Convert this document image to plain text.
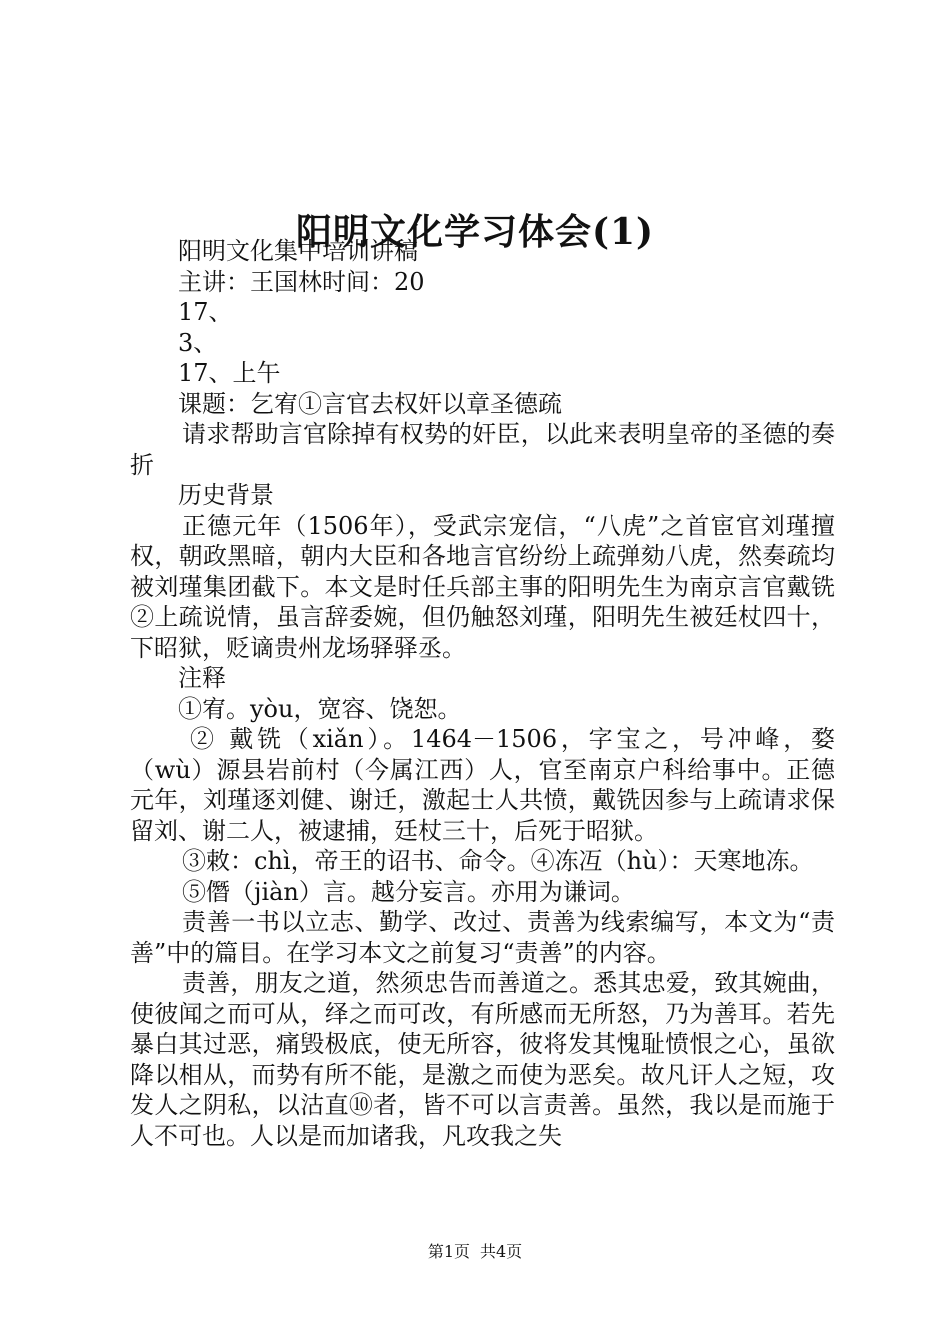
阳明文化学习体会(1)

阳明文化集中培训讲稿

主讲：王国林时间：20

17、

3、

17、上午

课题：乞宥①言官去权奸以章圣德疏

请求帮助言官除掉有权势的奸臣，以此来表明皇帝的圣德的奏折

历史背景

正德元年（1506年），受武宗宠信，“八虎”之首宦官刘瑾擅权，朝政黑暗，朝内大臣和各地言官纷纷上疏弹劾八虎，然奏疏均被刘瑾集团截下。本文是时任兵部主事的阳明先生为南京言官戴铣②上疏说情，虽言辞委婉，但仍触怒刘瑾，阳明先生被廷杖四十，下昭狱，贬谪贵州龙场驿驿丞。

注释

①宥。yòu，宽容、饶恕。

② 戴铣（xiǎn）。1464－1506，字宝之，号冲峰，婺（wù）源县岩前村（今属江西）人，官至南京户科给事中。正德元年，刘瑾逐刘健、谢迁，激起士人共愤，戴铣因参与上疏请求保留刘、谢二人，被逮捕，廷杖三十，后死于昭狱。

③敕：chì，帝王的诏书、命令。④冻冱（hù）：天寒地冻。

⑤僭（jiàn）言。越分妄言。亦用为谦词。

责善一书以立志、勤学、改过、责善为线索编写，本文为“责善”中的篇目。在学习本文之前复习“责善”的内容。

责善，朋友之道，然须忠告而善道之。悉其忠爱，致其婉曲，使彼闻之而可从，绎之而可改，有所感而无所怒，乃为善耳。若先暴白其过恶，痛毁极底，使无所容，彼将发其愧耻愤恨之心，虽欲降以相从，而势有所不能，是激之而使为恶矣。故凡讦人之短，攻发人之阴私，以沽直⑩者，皆不可以言责善。虽然，我以是而施于人不可也。人以是而加诸我，凡攻我之失

第1页 共4页
